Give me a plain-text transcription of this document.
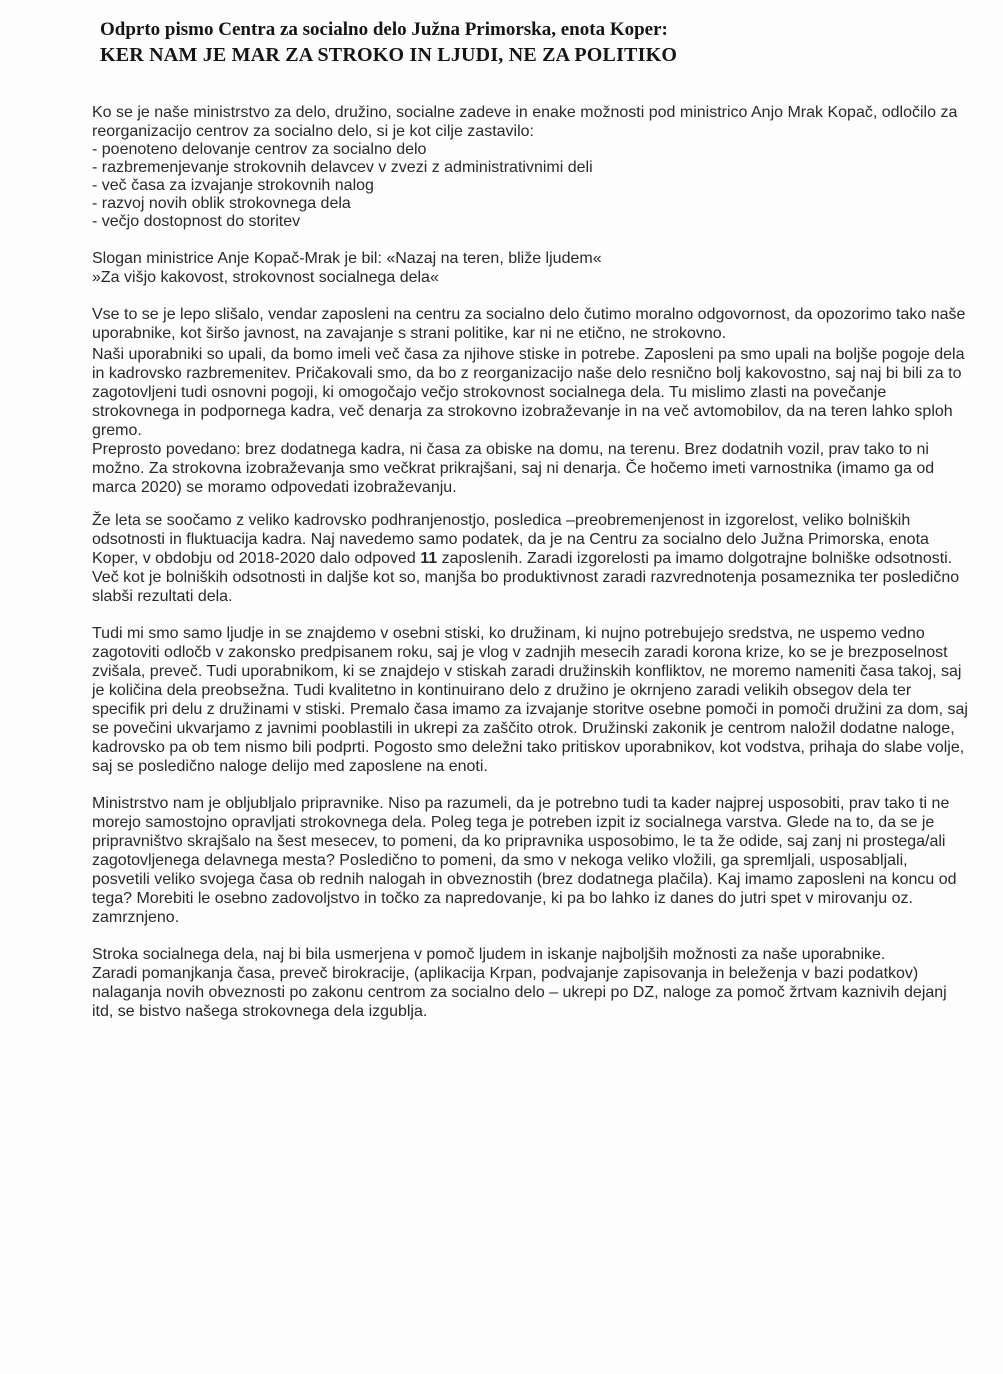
Odprto pismo Centra za socialno delo Južna Primorska, enota Koper:
KER NAM JE MAR ZA STROKO IN LJUDI, NE ZA POLITIKO

Ko se je naše ministrstvo za delo, družino, socialne zadeve in enake možnosti pod ministrico Anjo Mrak Kopač, odločilo za reorganizacijo centrov za socialno delo, si je kot cilje zastavilo:

- poenoteno delovanje centrov za socialno delo
- razbremenjevanje strokovnih delavcev v zvezi z administrativnimi deli
- več časa za izvajanje strokovnih nalog
- razvoj novih oblik strokovnega dela
- večjo dostopnost do storitev

Slogan ministrice Anje Kopač-Mrak je bil: «Nazaj na teren, bliže ljudem«

»Za višjo kakovost, strokovnost socialnega dela«

Vse to se je lepo slišalo, vendar zaposleni na centru za socialno delo čutimo moralno odgovornost, da opozorimo tako naše uporabnike, kot širšo javnost, na zavajanje s strani politike, kar ni ne etično, ne strokovno.

Naši uporabniki so upali, da bomo imeli več časa za njihove stiske in potrebe. Zaposleni pa smo upali na boljše pogoje dela in kadrovsko razbremenitev. Pričakovali smo, da bo z reorganizacijo naše delo resnično bolj kakovostno, saj naj bi bili za to zagotovljeni tudi osnovni pogoji, ki omogočajo večjo strokovnost socialnega dela. Tu mislimo zlasti na povečanje strokovnega in podpornega kadra, več denarja za strokovno izobraževanje in na več avtomobilov, da na teren lahko sploh gremo.

Preprosto povedano: brez dodatnega kadra, ni časa za obiske na domu, na terenu. Brez dodatnih vozil, prav tako to ni možno. Za strokovna izobraževanja smo večkrat prikrajšani, saj ni denarja. Če hočemo imeti varnostnika (imamo ga od marca 2020) se moramo odpovedati izobraževanju.

Že leta se soočamo z veliko kadrovsko podhranjenostjo, posledica –preobremenjenost in izgorelost, veliko bolniških odsotnosti in fluktuacija kadra. Naj navedemo samo podatek, da je na Centru za socialno delo Južna Primorska, enota Koper, v obdobju od 2018-2020 dalo odpoved 11 zaposlenih. Zaradi izgorelosti pa imamo dolgotrajne bolniške odsotnosti. Več kot je bolniških odsotnosti in daljše kot so, manjša bo produktivnost zaradi razvrednotenja posameznika ter posledično slabši rezultati dela.

Tudi mi smo samo ljudje in se znajdemo v osebni stiski, ko družinam, ki nujno potrebujejo sredstva, ne uspemo vedno zagotoviti odločb v zakonsko predpisanem roku, saj je vlog v zadnjih mesecih zaradi korona krize, ko se je brezposelnost zvišala, preveč. Tudi uporabnikom, ki se znajdejo v stiskah zaradi družinskih konfliktov, ne moremo nameniti časa takoj, saj je količina dela preobsežna. Tudi kvalitetno in kontinuirano delo z družino je okrnjeno zaradi velikih obsegov dela ter specifik pri delu z družinami v stiski. Premalo časa imamo za izvajanje storitve osebne pomoči in pomoči družini za dom, saj se povečini ukvarjamo z javnimi pooblastili in ukrepi za zaščito otrok. Družinski zakonik je centrom naložil dodatne naloge, kadrovsko pa ob tem nismo bili podprti. Pogosto smo deležni tako pritiskov uporabnikov, kot vodstva, prihaja do slabe volje, saj se posledično naloge delijo med zaposlene na enoti.

Ministrstvo nam je obljubljalo pripravnike. Niso pa razumeli, da je potrebno tudi ta kader najprej usposobiti, prav tako ti ne morejo samostojno opravljati strokovnega dela. Poleg tega je potreben izpit iz socialnega varstva. Glede na to, da se je pripravništvo skrajšalo na šest mesecev, to pomeni, da ko pripravnika usposobimo, le ta že odide, saj zanj ni prostega/ali zagotovljenega delavnega mesta? Posledično to pomeni, da smo v nekoga veliko vložili, ga spremljali, usposabljali, posvetili veliko svojega časa ob rednih nalogah in obveznostih (brez dodatnega plačila). Kaj imamo zaposleni na koncu od tega? Morebiti le osebno zadovoljstvo in točko za napredovanje, ki pa bo lahko iz danes do jutri spet v mirovanju oz. zamrznjeno.

Stroka socialnega dela, naj bi bila usmerjena v pomoč ljudem in iskanje najboljših možnosti za naše uporabnike.

Zaradi pomanjkanja časa, preveč birokracije, (aplikacija Krpan, podvajanje zapisovanja in beleženja v bazi podatkov) nalaganja novih obveznosti po zakonu centrom za socialno delo – ukrepi po DZ, naloge za pomoč žrtvam kaznivih dejanj itd, se bistvo našega strokovnega dela izgublja.
